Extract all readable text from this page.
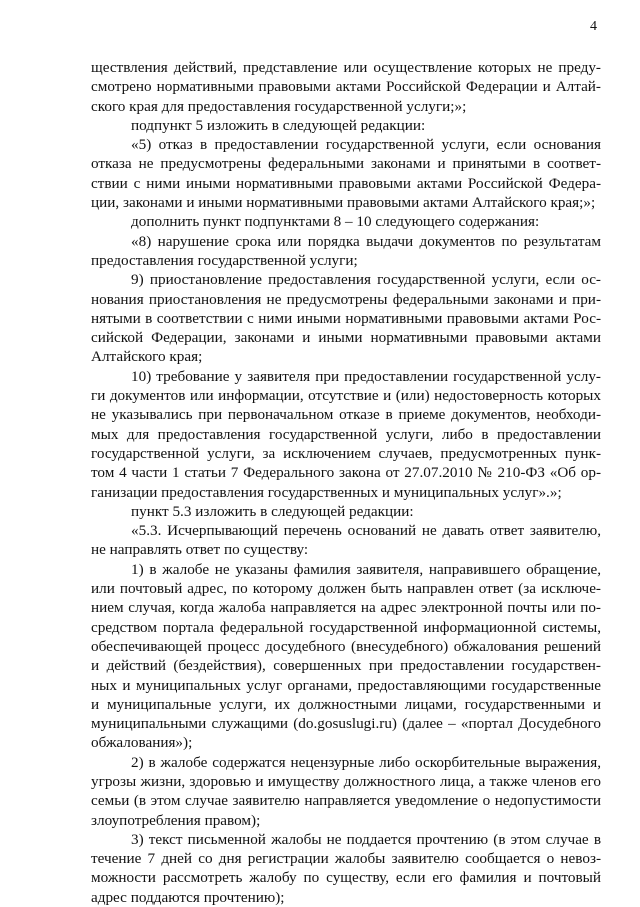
4
ществления действий, представление или осуществление которых не преду-
смотрено нормативными правовыми актами Российской Федерации и Алтай-
ского края для предоставления государственной услуги;»;
подпункт 5 изложить в следующей редакции:
«5) отказ в предоставлении государственной услуги, если основания
отказа не предусмотрены федеральными законами и принятыми в соответ-
ствии с ними иными нормативными правовыми актами Российской Федера-
ции, законами и иными нормативными правовыми актами Алтайского края;»;
дополнить пункт подпунктами 8 – 10 следующего содержания:
«8) нарушение срока или порядка выдачи документов по результатам
предоставления государственной услуги;
9) приостановление предоставления государственной услуги, если ос-
нования приостановления не предусмотрены федеральными законами и при-
нятыми в соответствии с ними иными нормативными правовыми актами Рос-
сийской Федерации, законами и иными нормативными правовыми актами
Алтайского края;
10) требование у заявителя при предоставлении государственной услу-
ги документов или информации, отсутствие и (или) недостоверность которых
не указывались при первоначальном отказе в приеме документов, необходи-
мых для предоставления государственной услуги, либо в предоставлении
государственной услуги, за исключением случаев, предусмотренных пунк-
том 4 части 1 статьи 7 Федерального закона от 27.07.2010 № 210-ФЗ «Об ор-
ганизации предоставления государственных и муниципальных услуг».»;
пункт 5.3 изложить в следующей редакции:
«5.3. Исчерпывающий перечень оснований не давать ответ заявителю,
не направлять ответ по существу:
1) в жалобе не указаны фамилия заявителя, направившего обращение,
или почтовый адрес, по которому должен быть направлен ответ (за исключе-
нием случая, когда жалоба направляется на адрес электронной почты или по-
средством портала федеральной государственной информационной системы,
обеспечивающей процесс досудебного (внесудебного) обжалования решений
и действий (бездействия), совершенных при предоставлении государствен-
ных и муниципальных услуг органами, предоставляющими государственные
и муниципальные услуги, их должностными лицами, государственными и
муниципальными служащими (do.gosuslugi.ru) (далее – «портал Досудебного
обжалования»);
2) в жалобе содержатся нецензурные либо оскорбительные выражения,
угрозы жизни, здоровью и имуществу должностного лица, а также членов его
семьи (в этом случае заявителю направляется уведомление о недопустимости
злоупотребления правом);
3) текст письменной жалобы не поддается прочтению (в этом случае в
течение 7 дней со дня регистрации жалобы заявителю сообщается о невоз-
можности рассмотреть жалобу по существу, если его фамилия и почтовый
адрес поддаются прочтению);
